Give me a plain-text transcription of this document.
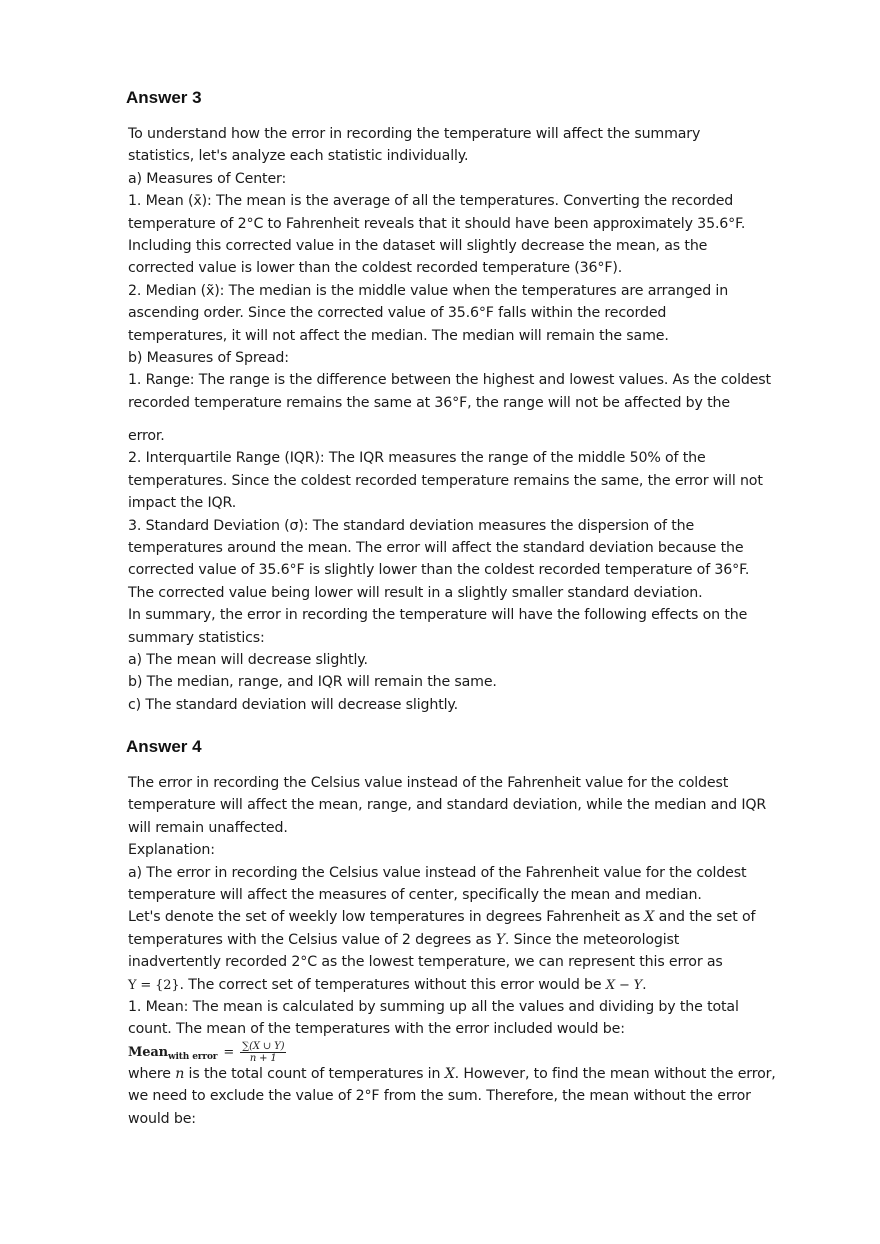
Answer 3
To understand how the error in recording the temperature will affect the summary
statistics, let's analyze each statistic individually.
a) Measures of Center:
1. Mean (x̄): The mean is the average of all the temperatures. Converting the recorded
temperature of 2°C to Fahrenheit reveals that it should have been approximately 35.6°F.
Including this corrected value in the dataset will slightly decrease the mean, as the
corrected value is lower than the coldest recorded temperature (36°F).
2. Median (x̃): The median is the middle value when the temperatures are arranged in
ascending order. Since the corrected value of 35.6°F falls within the recorded
temperatures, it will not affect the median. The median will remain the same.
b) Measures of Spread:
1. Range: The range is the difference between the highest and lowest values. As the coldest
recorded temperature remains the same at 36°F, the range will not be affected by the
error.
2. Interquartile Range (IQR): The IQR measures the range of the middle 50% of the
temperatures. Since the coldest recorded temperature remains the same, the error will not
impact the IQR.
3. Standard Deviation (σ): The standard deviation measures the dispersion of the
temperatures around the mean. The error will affect the standard deviation because the
corrected value of 35.6°F is slightly lower than the coldest recorded temperature of 36°F.
The corrected value being lower will result in a slightly smaller standard deviation.
In summary, the error in recording the temperature will have the following effects on the
summary statistics:
a) The mean will decrease slightly.
b) The median, range, and IQR will remain the same.
c) The standard deviation will decrease slightly.
Answer 4
The error in recording the Celsius value instead of the Fahrenheit value for the coldest
temperature will affect the mean, range, and standard deviation, while the median and IQR
will remain unaffected.
Explanation:
a) The error in recording the Celsius value instead of the Fahrenheit value for the coldest
temperature will affect the measures of center, specifically the mean and median.
Let's denote the set of weekly low temperatures in degrees Fahrenheit as X and the set of
temperatures with the Celsius value of 2 degrees as Y. Since the meteorologist
inadvertently recorded 2°C as the lowest temperature, we can represent this error as
Y = {2}. The correct set of temperatures without this error would be X − Y.
1. Mean: The mean is calculated by summing up all the values and dividing by the total
count. The mean of the temperatures with the error included would be:
Mean with error = $\frac{\sum(X \cup Y)}{n + 1}$
where n is the total count of temperatures in X. However, to find the mean without the error,
we need to exclude the value of 2°F from the sum. Therefore, the mean without the error
would be:
